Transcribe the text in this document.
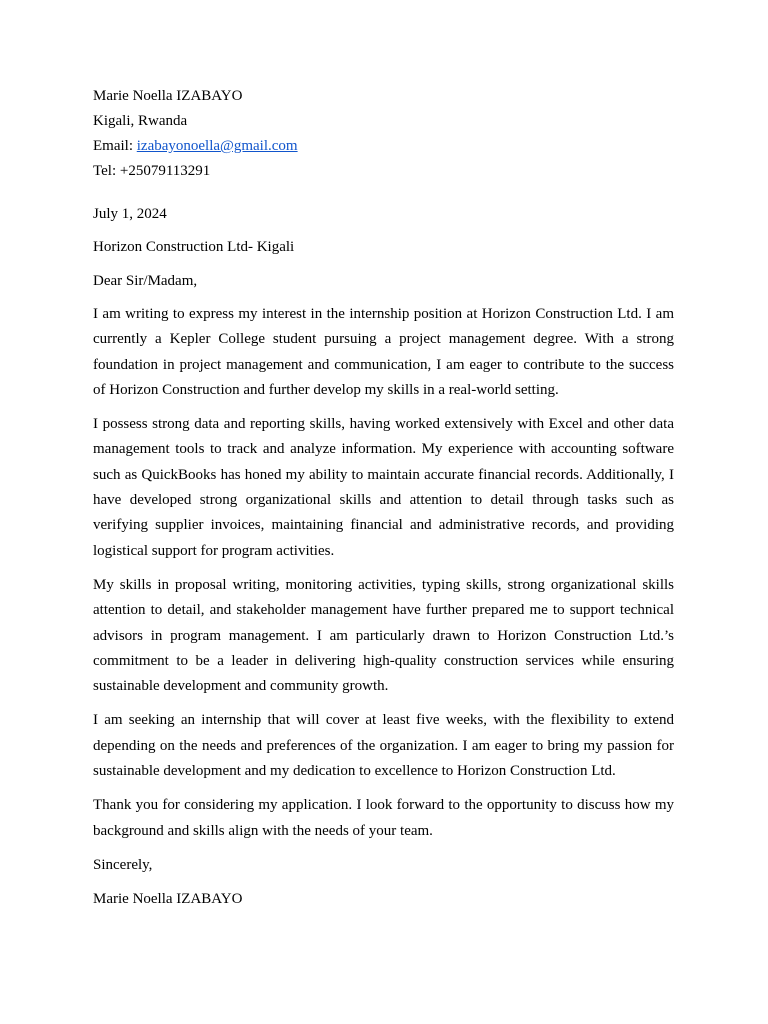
Marie Noella IZABAYO
Kigali, Rwanda
Email: izabayonoella@gmail.com
Tel: +25079113291
July 1, 2024
Horizon Construction Ltd- Kigali
Dear Sir/Madam,

I am writing to express my interest in the internship position at Horizon Construction Ltd. I am currently a Kepler College student pursuing a project management degree. With a strong foundation in project management and communication, I am eager to contribute to the success of Horizon Construction and further develop my skills in a real-world setting.

I possess strong data and reporting skills, having worked extensively with Excel and other data management tools to track and analyze information. My experience with accounting software such as QuickBooks has honed my ability to maintain accurate financial records. Additionally, I have developed strong organizational skills and attention to detail through tasks such as verifying supplier invoices, maintaining financial and administrative records, and providing logistical support for program activities.

My skills in proposal writing, monitoring activities, typing skills, strong organizational skills attention to detail, and stakeholder management have further prepared me to support technical advisors in program management. I am particularly drawn to Horizon Construction Ltd.’s commitment to be a leader in delivering high-quality construction services while ensuring sustainable development and community growth.

I am seeking an internship that will cover at least five weeks, with the flexibility to extend depending on the needs and preferences of the organization. I am eager to bring my passion for sustainable development and my dedication to excellence to Horizon Construction Ltd.

Thank you for considering my application. I look forward to the opportunity to discuss how my background and skills align with the needs of your team.

Sincerely,
Marie Noella IZABAYO
